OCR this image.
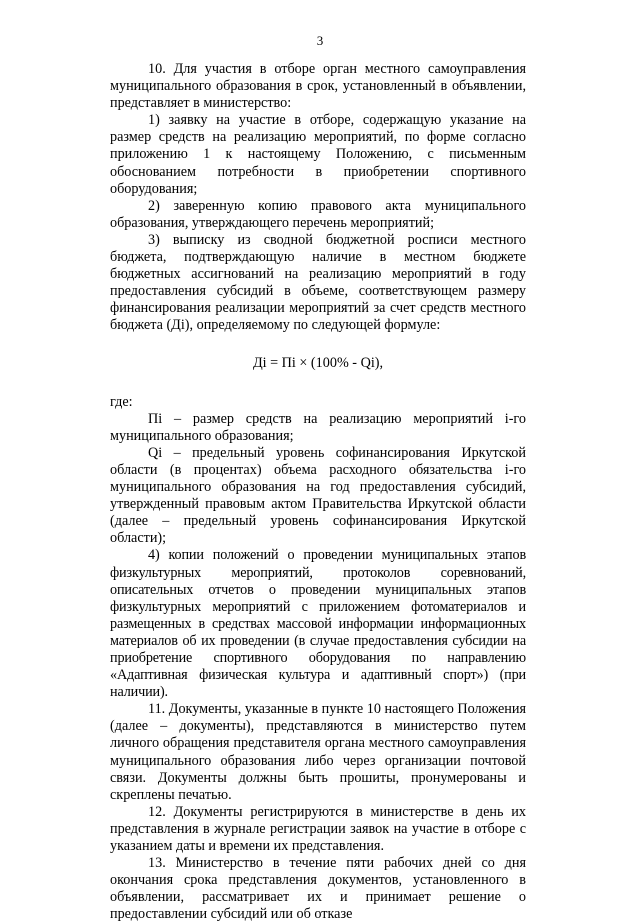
3

10. Для участия в отборе орган местного самоуправления муниципального образования в срок, установленный в объявлении, представляет в министерство:

1) заявку на участие в отборе, содержащую указание на размер средств на реализацию мероприятий, по форме согласно приложению 1 к настоящему Положению, с письменным обоснованием потребности в приобретении спортивного оборудования;

2) заверенную копию правового акта муниципального образования, утверждающего перечень мероприятий;

3) выписку из сводной бюджетной росписи местного бюджета, подтверждающую наличие в местном бюджете бюджетных ассигнований на реализацию мероприятий в году предоставления субсидий в объеме, соответствующем размеру финансирования реализации мероприятий за счет средств местного бюджета (Дi), определяемому по следующей формуле:

Дi = Пi × (100% - Qi),

где:

Пi – размер средств на реализацию мероприятий i-го муниципального образования;

Qi – предельный уровень софинансирования Иркутской области (в процентах) объема расходного обязательства i-го муниципального образования на год предоставления субсидий, утвержденный правовым актом Правительства Иркутской области (далее – предельный уровень софинансирования Иркутской области);

4) копии положений о проведении муниципальных этапов физкультурных мероприятий, протоколов соревнований, описательных отчетов о проведении муниципальных этапов физкультурных мероприятий с приложением фотоматериалов и размещенных в средствах массовой информации информационных материалов об их проведении (в случае предоставления субсидии на приобретение спортивного оборудования по направлению «Адаптивная физическая культура и адаптивный спорт») (при наличии).

11. Документы, указанные в пункте 10 настоящего Положения (далее – документы), представляются в министерство путем личного обращения представителя органа местного самоуправления муниципального образования либо через организации почтовой связи. Документы должны быть прошиты, пронумерованы и скреплены печатью.

12. Документы регистрируются в министерстве в день их представления в журнале регистрации заявок на участие в отборе с указанием даты и времени их представления.

13. Министерство в течение пяти рабочих дней со дня окончания срока представления документов, установленного в объявлении, рассматривает их и принимает решение о предоставлении субсидий или об отказе
